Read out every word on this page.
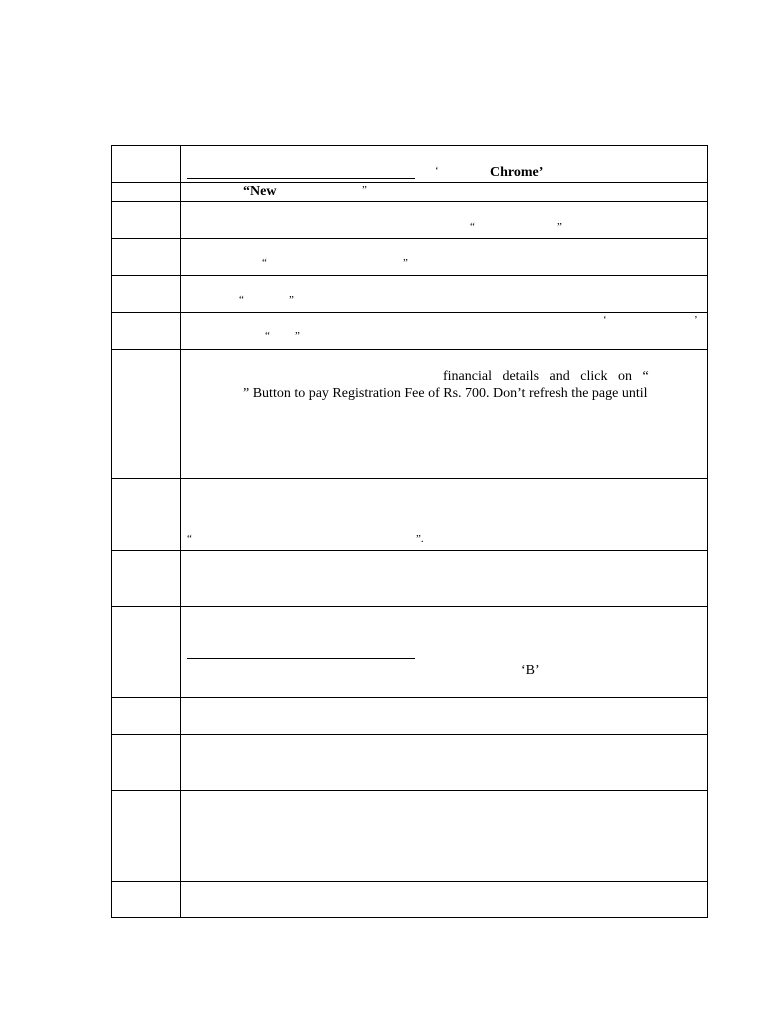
‘	Chrome’
“New	”
“	”
“	”
“	”
‘	’
“ ”
financial   details   and   click   on   “
” Button to pay Registration Fee of Rs. 700. Don’t refresh the page until
“	”.
‘B’
